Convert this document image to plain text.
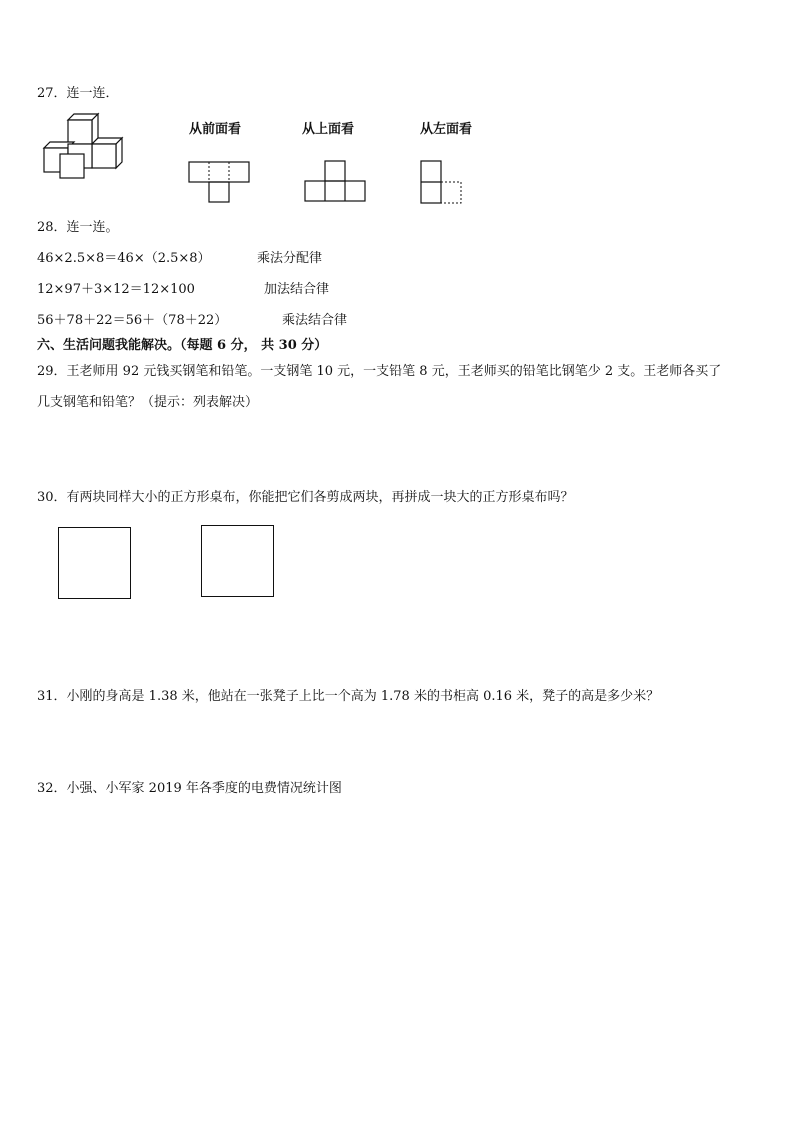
27．连一连．
从前面看	从上面看	从左面看
28．连一连。
46×2.5×8＝46×（2.5×8）	乘法分配律
12×97＋3×12＝12×100	加法结合律
56＋78＋22＝56＋（78＋22）	乘法结合律
六、生活问题我能解决。（每题 6 分， 共 30 分）
29．王老师用 92 元钱买钢笔和铅笔。一支钢笔 10 元，一支铅笔 8 元，王老师买的铅笔比钢笔少 2 支。王老师各买了
几支钢笔和铅笔？（提示：列表解决）
30．有两块同样大小的正方形桌布，你能把它们各剪成两块，再拼成一块大的正方形桌布吗？
31．小刚的身高是 1.38 米，他站在一张凳子上比一个高为 1.78 米的书柜高 0.16 米，凳子的高是多少米？
32．小强、小军家 2019 年各季度的电费情况统计图
